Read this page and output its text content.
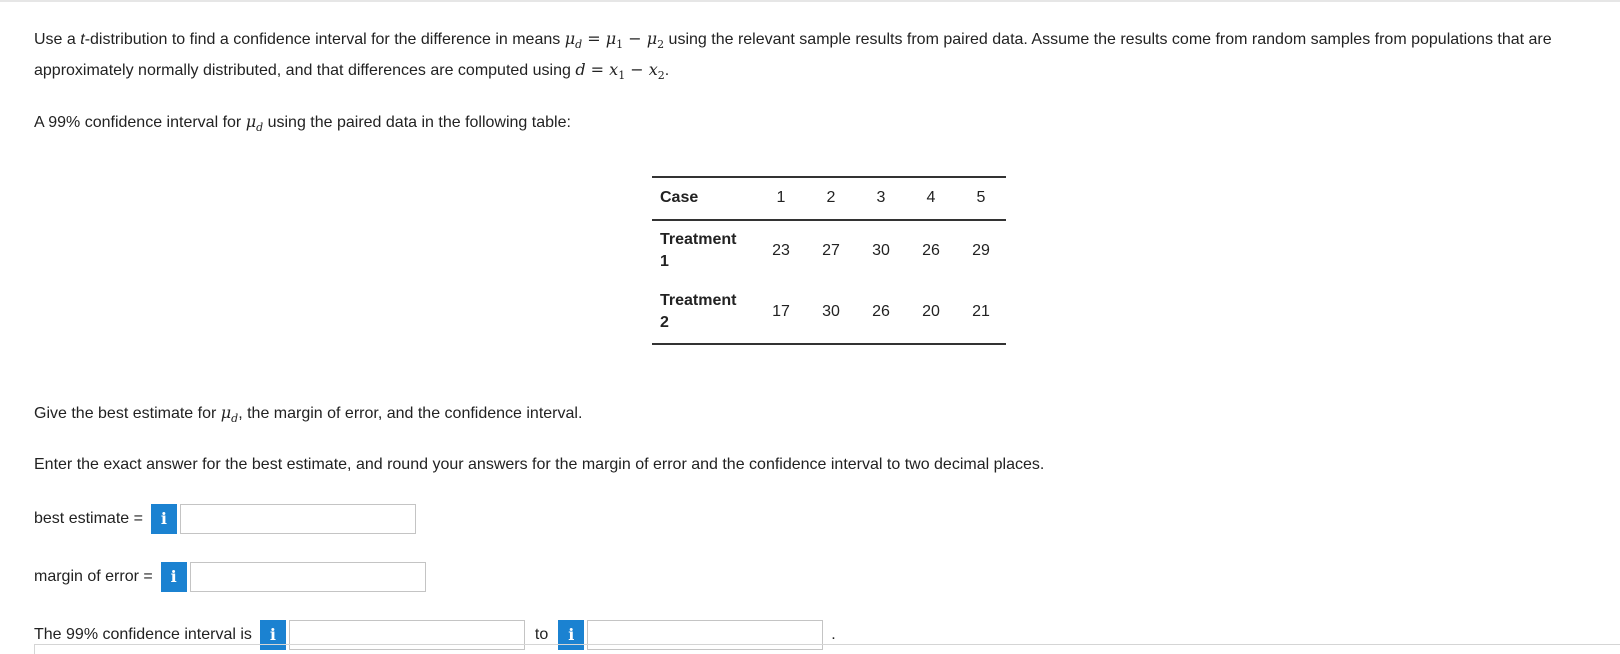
Use a t-distribution to find a confidence interval for the difference in means $\mu_d = \mu_1 - \mu_2$ using the relevant sample results from paired data. Assume the results come from random samples from populations that are approximately normally distributed, and that differences are computed using $d = x_1 - x_2$.

A 99% confidence interval for $\mu_d$ using the paired data in the following table:

Case	1	2	3	4	5
Treatment
1	23	27	30	26	29
Treatment
2	17	30	26	20	21

Give the best estimate for $\mu_d$, the margin of error, and the confidence interval.

Enter the exact answer for the best estimate, and round your answers for the margin of error and the confidence interval to two decimal places.

best estimate =	i
margin of error =	i
The 99% confidence interval is	i	to	i	.
